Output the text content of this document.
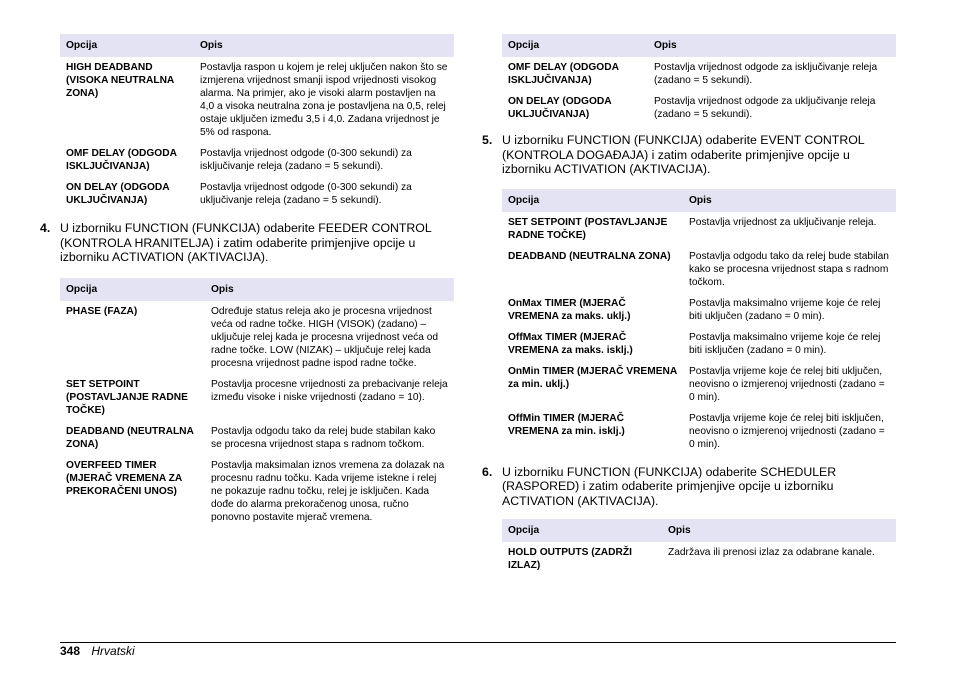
Opcija	Opis
HIGH DEADBAND (VISOKA NEUTRALNA ZONA)	Postavlja raspon u kojem je relej uključen nakon što se izmjerena vrijednost smanji ispod vrijednosti visokog alarma. Na primjer, ako je visoki alarm postavljen na 4,0 a visoka neutralna zona je postavljena na 0,5, relej ostaje uključen između 3,5 i 4,0. Zadana vrijednost je 5% od raspona.
OMF DELAY (ODGODA ISKLJUČIVANJA)	Postavlja vrijednost odgode (0-300 sekundi) za isključivanje releja (zadano = 5 sekundi).
ON DELAY (ODGODA UKLJUČIVANJA)	Postavlja vrijednost odgode (0-300 sekundi) za uključivanje releja (zadano = 5 sekundi).
4. U izborniku FUNCTION (FUNKCIJA) odaberite FEEDER CONTROL (KONTROLA HRANITELJA) i zatim odaberite primjenjive opcije u izborniku ACTIVATION (AKTIVACIJA).
Opcija	Opis
PHASE (FAZA)	Određuje status releja ako je procesna vrijednost veća od radne točke. HIGH (VISOK) (zadano) – uključuje relej kada je procesna vrijednost veća od radne točke. LOW (NIZAK) – uključuje relej kada procesna vrijednost padne ispod radne točke.
SET SETPOINT (POSTAVLJANJE RADNE TOČKE)	Postavlja procesne vrijednosti za prebacivanje releja između visoke i niske vrijednosti (zadano = 10).
DEADBAND (NEUTRALNA ZONA)	Postavlja odgodu tako da relej bude stabilan kako se procesna vrijednost stapa s radnom točkom.
OVERFEED TIMER (MJERAČ VREMENA ZA PREKORAČENI UNOS)	Postavlja maksimalan iznos vremena za dolazak na procesnu radnu točku. Kada vrijeme istekne i relej ne pokazuje radnu točku, relej je isključen. Kada dođe do alarma prekoračenog unosa, ručno ponovno postavite mjerač vremena.
Opcija	Opis
OMF DELAY (ODGODA ISKLJUČIVANJA)	Postavlja vrijednost odgode za isključivanje releja (zadano = 5 sekundi).
ON DELAY (ODGODA UKLJUČIVANJA)	Postavlja vrijednost odgode za uključivanje releja (zadano = 5 sekundi).
5. U izborniku FUNCTION (FUNKCIJA) odaberite EVENT CONTROL (KONTROLA DOGAĐAJA) i zatim odaberite primjenjive opcije u izborniku ACTIVATION (AKTIVACIJA).
Opcija	Opis
SET SETPOINT (POSTAVLJANJE RADNE TOČKE)	Postavlja vrijednost za uključivanje releja.
DEADBAND (NEUTRALNA ZONA)	Postavlja odgodu tako da relej bude stabilan kako se procesna vrijednost stapa s radnom točkom.
OnMax TIMER (MJERAČ VREMENA za maks. uklj.)	Postavlja maksimalno vrijeme koje će relej biti uključen (zadano = 0 min).
OffMax TIMER (MJERAČ VREMENA za maks. isklj.)	Postavlja maksimalno vrijeme koje će relej biti isključen (zadano = 0 min).
OnMin TIMER (MJERAČ VREMENA za min. uklj.)	Postavlja vrijeme koje će relej biti uključen, neovisno o izmjerenoj vrijednosti (zadano = 0 min).
OffMin TIMER (MJERAČ VREMENA za min. isklj.)	Postavlja vrijeme koje će relej biti isključen, neovisno o izmjerenoj vrijednosti (zadano = 0 min).
6. U izborniku FUNCTION (FUNKCIJA) odaberite SCHEDULER (RASPORED) i zatim odaberite primjenjive opcije u izborniku ACTIVATION (AKTIVACIJA).
Opcija	Opis
HOLD OUTPUTS (ZADRŽI IZLAZ)	Zadržava ili prenosi izlaz za odabrane kanale.
348 Hrvatski
